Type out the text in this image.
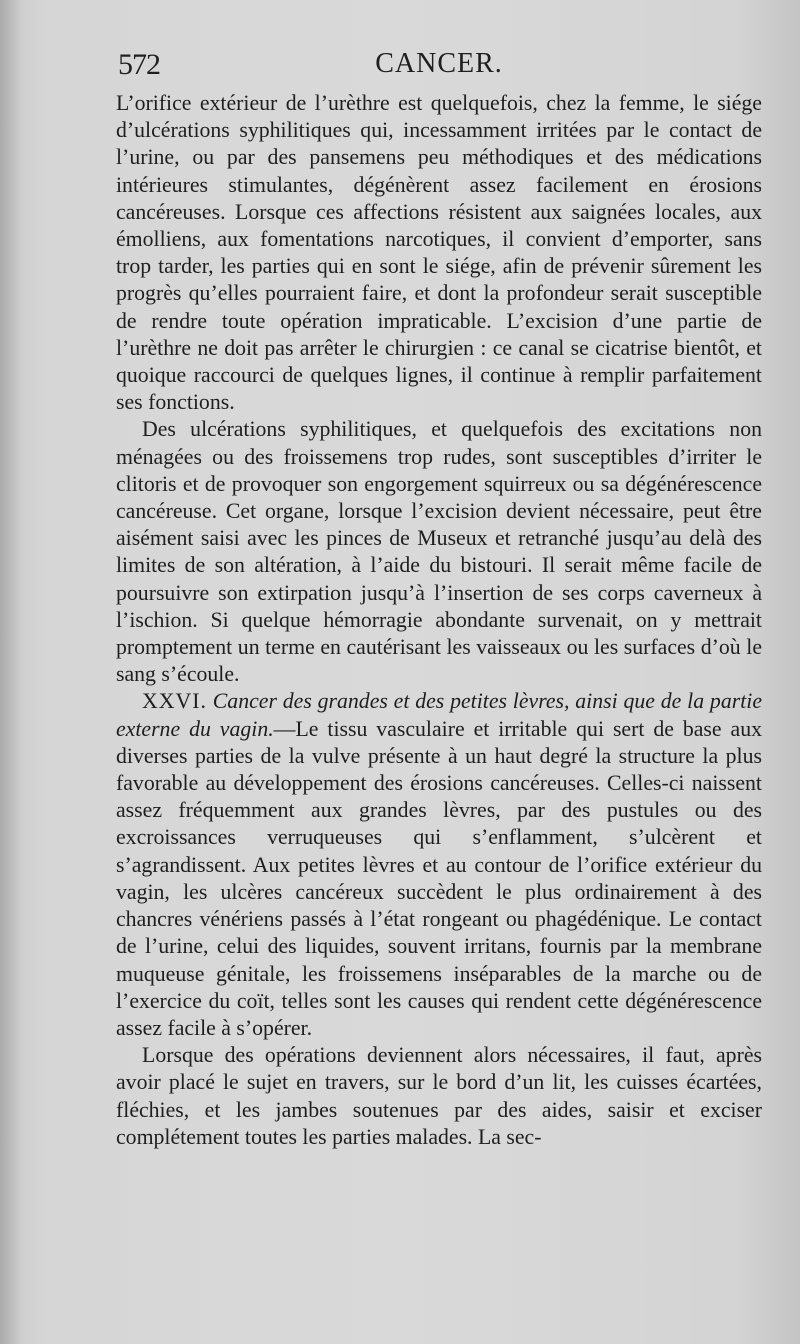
572	CANCER.

L’orifice extérieur de l’urèthre est quelquefois, chez la femme, le siége d’ulcérations syphilitiques qui, incessamment irritées par le contact de l’urine, ou par des pansemens peu méthodiques et des médications intérieures stimulantes, dégénèrent assez facilement en érosions cancéreuses. Lorsque ces affections résistent aux saignées locales, aux émolliens, aux fomentations narcotiques, il convient d’emporter, sans trop tarder, les parties qui en sont le siége, afin de prévenir sûrement les progrès qu’elles pourraient faire, et dont la profondeur serait susceptible de rendre toute opération impraticable. L’excision d’une partie de l’urèthre ne doit pas arrêter le chirurgien : ce canal se cicatrise bientôt, et quoique raccourci de quelques lignes, il continue à remplir parfaitement ses fonctions.

Des ulcérations syphilitiques, et quelquefois des excitations non ménagées ou des froissemens trop rudes, sont susceptibles d’irriter le clitoris et de provoquer son engorgement squirreux ou sa dégénérescence cancéreuse. Cet organe, lorsque l’excision devient nécessaire, peut être aisément saisi avec les pinces de Museux et retranché jusqu’au delà des limites de son altération, à l’aide du bistouri. Il serait même facile de poursuivre son extirpation jusqu’à l’insertion de ses corps caverneux à l’ischion. Si quelque hémorragie abondante survenait, on y mettrait promptement un terme en cautérisant les vaisseaux ou les surfaces d’où le sang s’écoule.

XXVI. Cancer des grandes et des petites lèvres, ainsi que de la partie externe du vagin.—Le tissu vasculaire et irritable qui sert de base aux diverses parties de la vulve présente à un haut degré la structure la plus favorable au développement des érosions cancéreuses. Celles-ci naissent assez fréquemment aux grandes lèvres, par des pustules ou des excroissances verruqueuses qui s’enflamment, s’ulcèrent et s’agrandissent. Aux petites lèvres et au contour de l’orifice extérieur du vagin, les ulcères cancéreux succèdent le plus ordinairement à des chancres vénériens passés à l’état rongeant ou phagédénique. Le contact de l’urine, celui des liquides, souvent irritans, fournis par la membrane muqueuse génitale, les froissemens inséparables de la marche ou de l’exercice du coït, telles sont les causes qui rendent cette dégénérescence assez facile à s’opérer.

Lorsque des opérations deviennent alors nécessaires, il faut, après avoir placé le sujet en travers, sur le bord d’un lit, les cuisses écartées, fléchies, et les jambes soutenues par des aides, saisir et exciser complétement toutes les parties malades. La sec-
